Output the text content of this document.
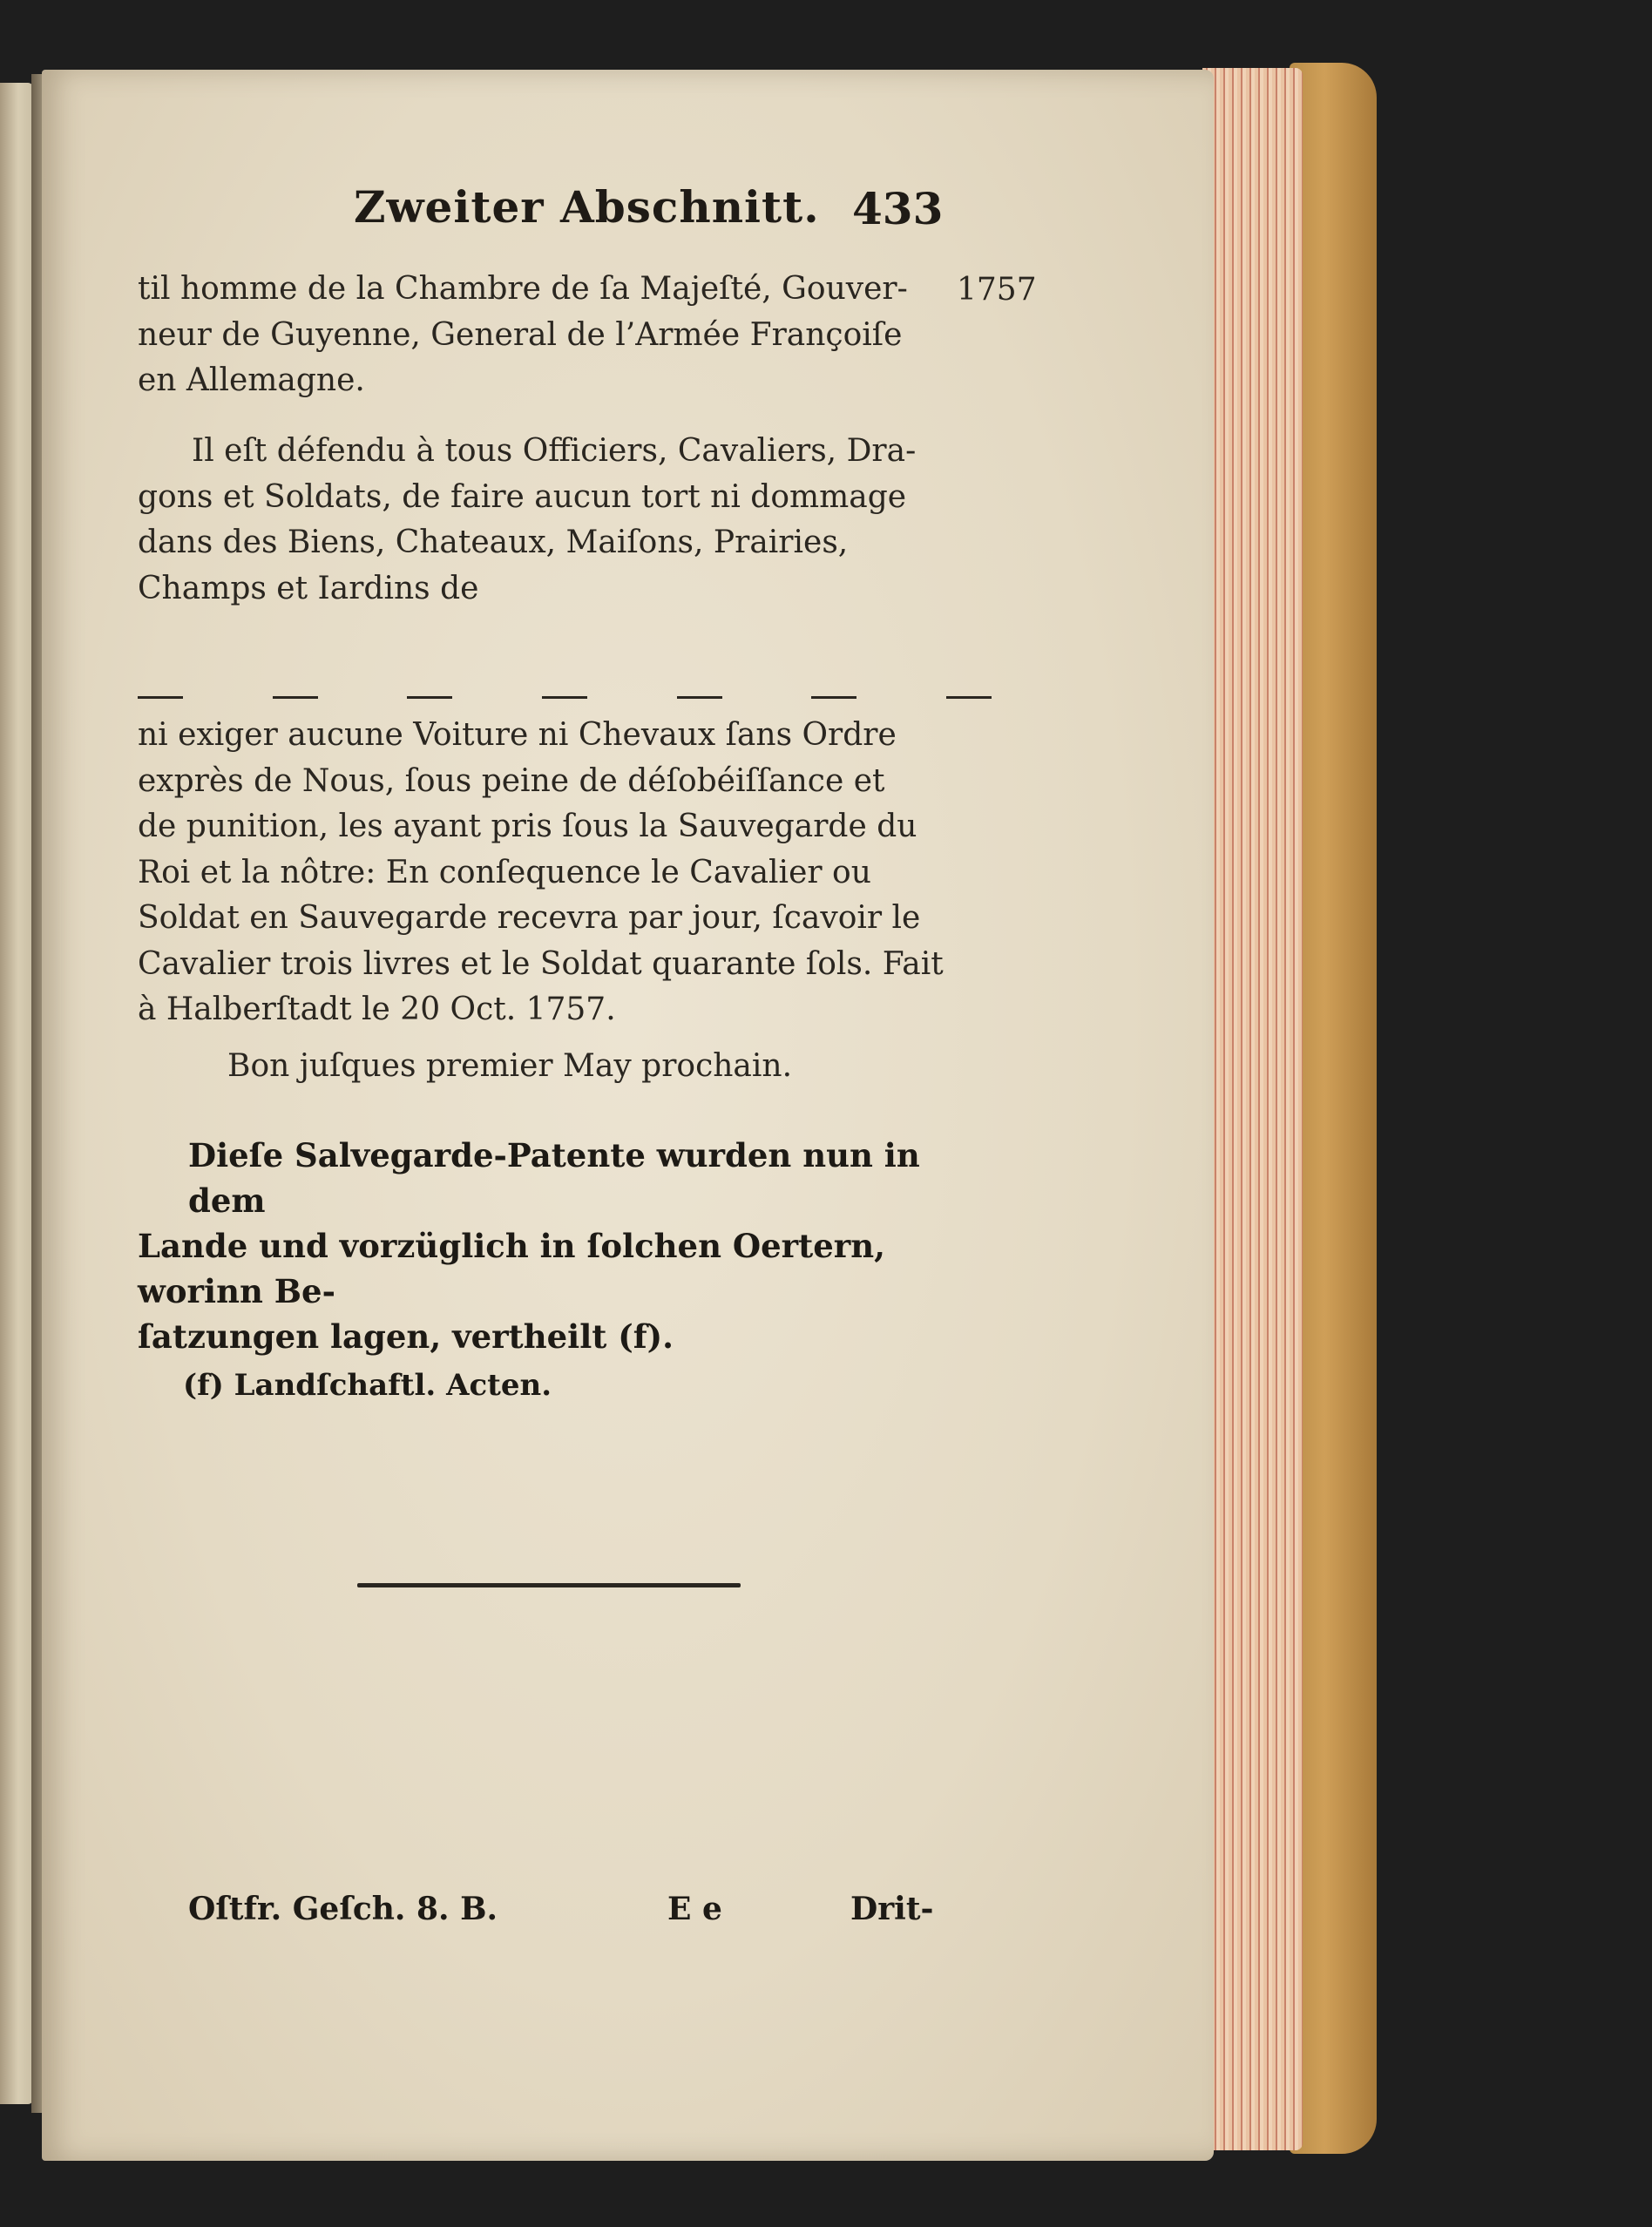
Zweiter Abschnitt. 433
1757
til homme de la Chambre de ſa Majeſté, Gouver-
neur de Guyenne, General de l’Armée Françoiſe
en Allemagne.
Il eſt défendu à tous Officiers, Cavaliers, Dra-
gons et Soldats, de faire aucun tort ni dommage
dans des Biens, Chateaux, Maiſons, Prairies,
Champs et Iardins de
ni exiger aucune Voiture ni Chevaux ſans Ordre
exprès de Nous, ſous peine de déſobéiſſance et
de punition, les ayant pris ſous la Sauvegarde du
Roi et la nôtre: En conſequence le Cavalier ou
Soldat en Sauvegarde recevra par jour, ſcavoir le
Cavalier trois livres et le Soldat quarante ſols. Fait
à Halberſtadt le 20 Oct. 1757.
Bon juſques premier May prochain.
Dieſe Salvegarde-Patente wurden nun in dem
Lande und vorzüglich in ſolchen Oertern, worinn Be-
ſatzungen lagen, vertheilt (f).
(f) Landſchaftl. Acten.
Oſtfr. Geſch. 8. B.	E e	Drit-
